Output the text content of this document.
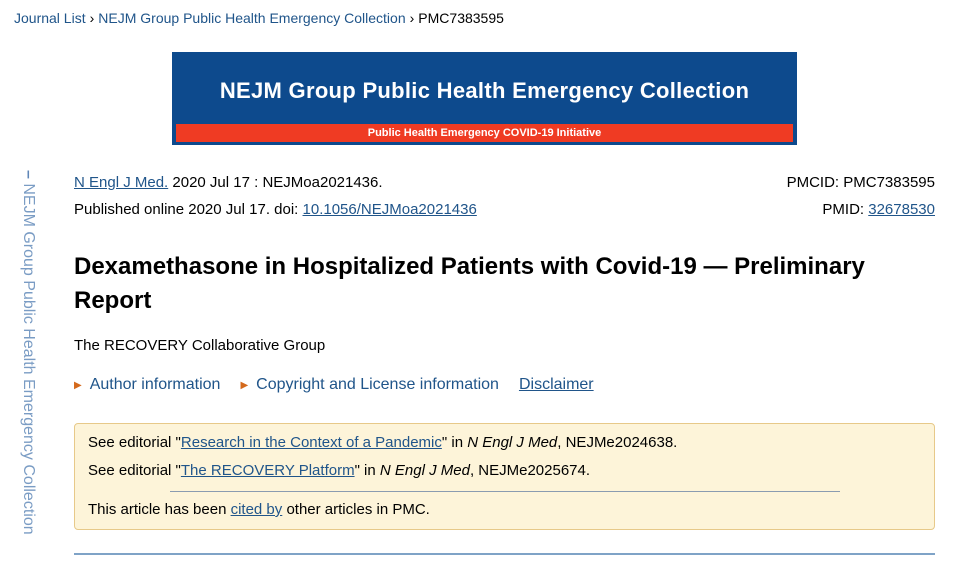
Journal List › NEJM Group Public Health Emergency Collection › PMC7383595
NEJM Group Public Health Emergency Collection
Public Health Emergency COVID-19 Initiative
– NEJM Group Public Health Emergency Collection
N Engl J Med. 2020 Jul 17 : NEJMoa2021436.	PMCID: PMC7383595
Published online 2020 Jul 17. doi: 10.1056/NEJMoa2021436	PMID: 32678530
Dexamethasone in Hospitalized Patients with Covid-19 — Preliminary Report
The RECOVERY Collaborative Group
▶ Author information ▶ Copyright and License information Disclaimer
See editorial "Research in the Context of a Pandemic" in N Engl J Med, NEJMe2024638.
See editorial "The RECOVERY Platform" in N Engl J Med, NEJMe2025674.
This article has been cited by other articles in PMC.
